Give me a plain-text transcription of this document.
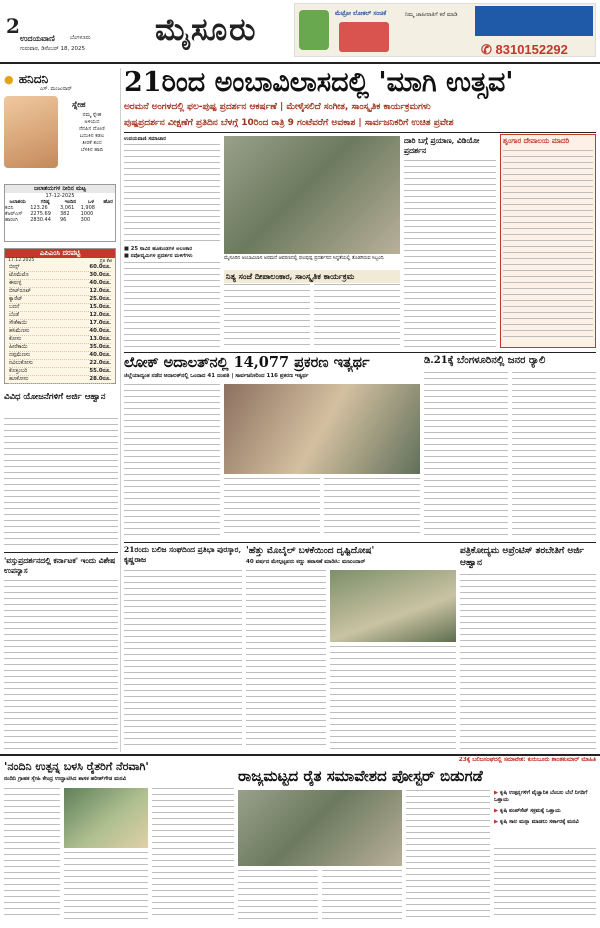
2
ಉದಯವಾಣಿ	ಬೆಂಗಳೂರು
ಗುರುವಾರ, ಡಿಸೆಂಬರ್ 18, 2025
ಮೈಸೂರು	ಮೆಟ್ರೋ ಲೋಕಲ್ ಸಂಚಿಕೆ	ನಿಮ್ಮ ಜಾಹೀರಾತಿಗೆ ಕರೆ ಮಾಡಿ
✆ 8310152292
● ಹನಿದನಿ
ಎಸ್. ಮಂಜುನಾಥ್
ಸ್ನೇಹ
ನಮ್ಮ ಸ್ನೇಹ
ಅಳಿಯದ
ನೆನಪಿನ ದೋಣಿ
ಬದುಕಿನ ಕಡಲ
ತೀರಕೆ ತಂದ
ಬೆಳಕಿನ ಹಾದಿ
ಜಲಾಶಯಗಳ ನೀರಿನ ಮಟ್ಟ
17-12-2025
ಜಲಾಶಯ	ಗರಿಷ್ಠ	ಇಂದಿನ	ಒಳ	ಹೊರ
ಕಬಿನಿ	123.26	3,061	1,908	
ಕೆಆರ್‌ಎಸ್	2275.69	382	1000	
ಹಾರಂಗಿ	2830.44	96	300	
ಎಪಿಎಂಸಿ ದರಪಟ್ಟಿ
17.12.2025	ಪ್ರತಿ ಕೆಜಿ
ಬೀನ್ಸ್	60.0ರೂ.
ಟೊಮೆಟೊ	30.0ರೂ.
ಈರುಳ್ಳಿ	40.0ರೂ.
ಬೀಟ್‌ರೂಟ್	12.0ರೂ.
ಕ್ಯಾರೆಟ್	25.0ರೂ.
ಬದನೆ	15.0ರೂ.
ಬೆಂಡೆ	12.0ರೂ.
ಸೌತೆಕಾಯಿ	17.0ರೂ.
ಹಸಿಮೆಣಸು	40.0ರೂ.
ಕೋಸು	13.0ರೂ.
ಹೀರೆಕಾಯಿ	35.0ರೂ.
ದಪ್ಪಮೆಣಸು	40.0ರೂ.
ನವಿಲುಕೋಸು	22.0ರೂ.
ಕೊತ್ತಂಬರಿ	55.0ರೂ.
ಹೂಕೋಸು	28.0ರೂ.
ವಿವಿಧ ಯೋಜನೆಗಳಿಗೆ ಅರ್ಜಿ ಆಹ್ವಾನ
'ವಸ್ತುಪ್ರದರ್ಶನದಲ್ಲಿ ಕರ್ನಾಟಕ' ಇಂದು ವಿಶೇಷ ಉಪನ್ಯಾಸ
21ರಿಂದ ಅಂಬಾವಿಲಾಸದಲ್ಲಿ 'ಮಾಗಿ ಉತ್ಸವ'
ಅರಮನೆ ಅಂಗಳದಲ್ಲಿ ಫಲ-ಪುಷ್ಪ ಪ್ರದರ್ಶನ ಆಕರ್ಷಣೆ | ಮೇಳೈಸಲಿದೆ ಸಂಗೀತ, ಸಾಂಸ್ಕೃತಿಕ ಕಾರ್ಯಕ್ರಮಗಳು
ಪುಷ್ಪಪ್ರದರ್ಶನ ವೀಕ್ಷಣೆಗೆ ಪ್ರತಿದಿನ ಬೆಳಗ್ಗೆ 10ರಿಂದ ರಾತ್ರಿ 9 ಗಂಟೆವರೆಗೆ ಅವಕಾಶ | ಸಾರ್ವಜನಿಕರಿಗೆ ಉಚಿತ ಪ್ರವೇಶ
ಉದಯವಾಣಿ ಸಮಾಚಾರ
■ 25 ಸಾವಿರ ಹೂಕುಂಡಗಳ ಅಲಂಕಾರ
■ ನವೋದ್ಯಮಿಗಳ ಪ್ರದರ್ಶನ ಮಳಿಗೆಗಳು	ಮೈಸೂರಿನ ಅಂಬಾವಿಲಾಸ ಅರಮನೆ ಆವರಣದಲ್ಲಿ ಫಲಪುಷ್ಪ ಪ್ರದರ್ಶನದ ಸಿದ್ಧತೆಯಲ್ಲಿ ತೊಡಗಿರುವ ಸಿಬ್ಬಂದಿ
ನಿತ್ಯ ಸಂಜೆ ದೀಪಾಲಂಕಾರ, ಸಾಂಸ್ಕೃತಿಕ ಕಾರ್ಯಕ್ರಮ
ದಾರಿ ಬಗ್ಗೆ ಪ್ರಯಾಣ, ವಿಡಿಯೋ ಪ್ರದರ್ಶನ
ಶೃಂಗಾರ ದೇವಾಲಯ ಮಾದರಿ
ಲೋಕ್ ಅದಾಲತ್‌ನಲ್ಲಿ 14,077 ಪ್ರಕರಣ ಇತ್ಯರ್ಥ
ಜಿಲ್ಲೆಯಾದ್ಯಂತ ನಡೆದ ಅದಾಲತ್‌ನಲ್ಲಿ ಒಂದಾದ 41 ದಂಪತಿ | ಸಾರ್ವಜನಿಕರಿಂದ 116 ಪ್ರಕರಣ ಇತ್ಯರ್ಥ
ಡಿ.21ಕ್ಕೆ ಬೆಂಗಳೂರಿನಲ್ಲಿ ಜನರ ರ‍್ಯಾಲಿ
21ರಂದು ಬಲಿಜ ಸಂಘದಿಂದ ಪ್ರತಿಭಾ ಪುರಸ್ಕಾರ, ಕೃಷ್ಣರಾಜ
'ಹೆತ್ತು ಮೊಬೈಲ್ ಬಳಕೆಯಿಂದ ದೃಷ್ಟಿದೋಷ'
40 ವರ್ಷದ ಮೇಲ್ಪಟ್ಟವರು ಕಣ್ಣು ತಪಾಸಣೆ ಮಾಡಿಸಿ: ಮಜುಂದಾರ್
ಪತ್ರಿಕೋದ್ಯಮ ಅಪ್ರೆಂಟಿಸ್ ತರಬೇತಿಗೆ ಅರ್ಜಿ ಆಹ್ವಾನ
23ಕ್ಕೆ ಬಲಿಜಸಂಘದಲ್ಲಿ ಸಮಾವೇಶ: ಕುರುಬೂರು ಶಾಂತಕುಮಾರ್ ಮಾಹಿತಿ
'ನಂದಿನಿ ಉತ್ಪನ್ನ ಬಳಸಿ ರೈತರಿಗೆ ನೆರವಾಗಿ'
ನಂದಿನಿ ಗ್ರಾಹಕ ಸ್ನೇಹಿ ಕೇಂದ್ರ ಉದ್ಘಾಟಿಸಿದ ಶಾಸಕ ಹರೀಶ್‌ಗೌಡ ಮನವಿ	ರಾಜ್ಯಮಟ್ಟದ ರೈತ ಸಮಾವೇಶದ ಪೋಸ್ಟರ್ ಬಿಡುಗಡೆ
▶ ಕೃಷಿ ಉತ್ಪನ್ನಗಳಿಗೆ ವೈಜ್ಞಾನಿಕ ಬೆಂಬಲ ಬೆಲೆ ನಿಗದಿಗೆ ಒತ್ತಾಯ
▶ ಕೃಷಿ ಪಂಪ್‌ಸೆಟ್ ಸಕ್ರಮಕ್ಕೆ ಒತ್ತಾಯ
▶ ಕೃಷಿ ಸಾಲ ಮನ್ನಾ ಮಾಡಲು ಸರ್ಕಾರಕ್ಕೆ ಮನವಿ
